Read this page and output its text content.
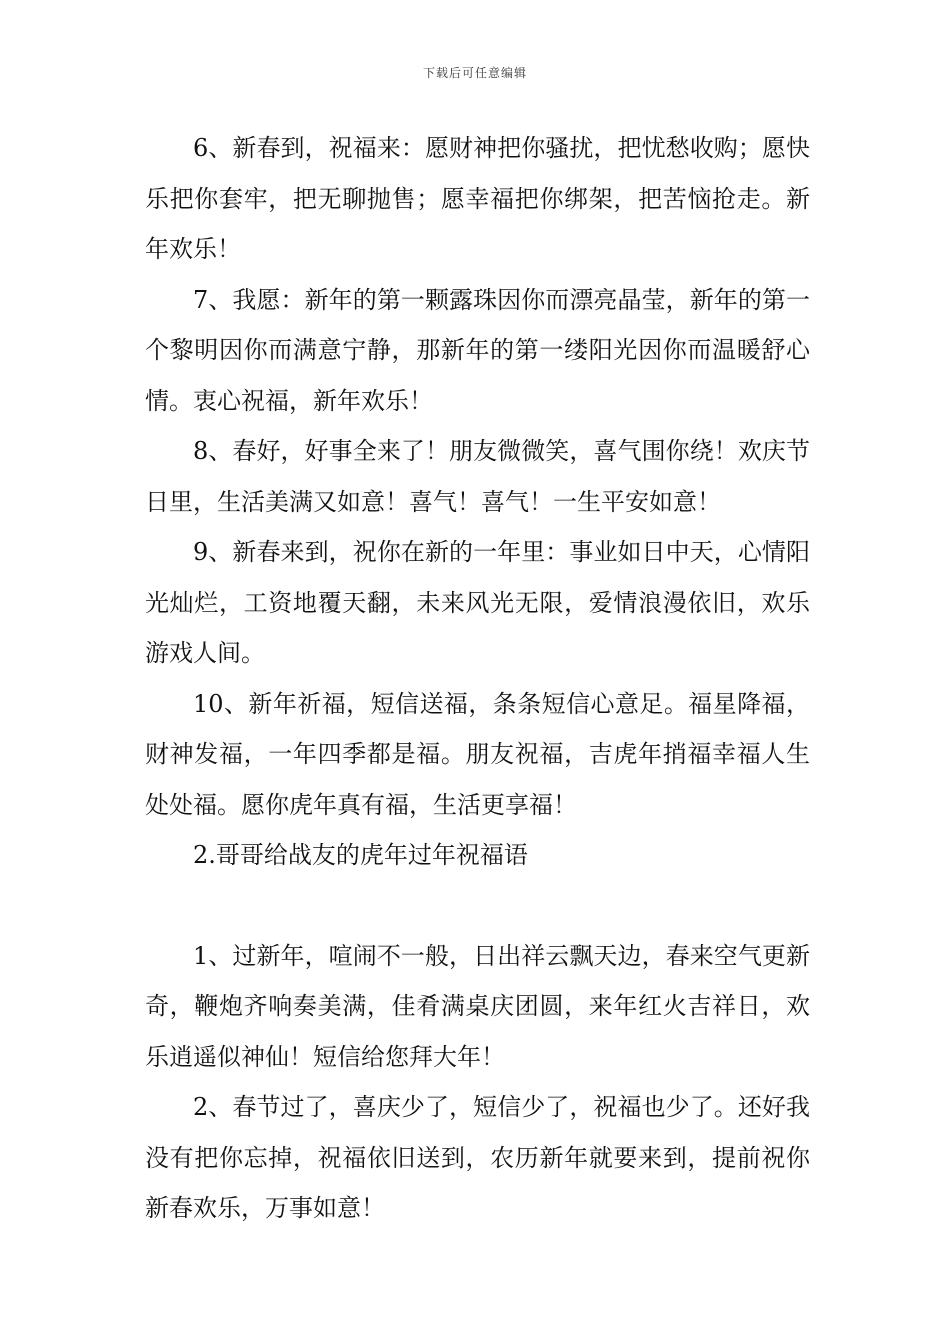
下载后可任意编辑

6、新春到，祝福来：愿财神把你骚扰，把忧愁收购；愿快乐把你套牢，把无聊抛售；愿幸福把你绑架，把苦恼抢走。新年欢乐！

7、我愿：新年的第一颗露珠因你而漂亮晶莹，新年的第一个黎明因你而满意宁静，那新年的第一缕阳光因你而温暖舒心情。衷心祝福，新年欢乐！

8、春好，好事全来了！朋友微微笑，喜气围你绕！欢庆节日里，生活美满又如意！喜气！喜气！一生平安如意！

9、新春来到，祝你在新的一年里：事业如日中天，心情阳光灿烂，工资地覆天翻，未来风光无限，爱情浪漫依旧，欢乐游戏人间。

10、新年祈福，短信送福，条条短信心意足。福星降福，财神发福，一年四季都是福。朋友祝福，吉虎年捎福幸福人生处处福。愿你虎年真有福，生活更享福！

2.哥哥给战友的虎年过年祝福语

1、过新年，喧闹不一般，日出祥云飘天边，春来空气更新奇，鞭炮齐响奏美满，佳肴满桌庆团圆，来年红火吉祥日，欢乐逍遥似神仙！短信给您拜大年！

2、春节过了，喜庆少了，短信少了，祝福也少了。还好我没有把你忘掉，祝福依旧送到，农历新年就要来到，提前祝你新春欢乐，万事如意！
